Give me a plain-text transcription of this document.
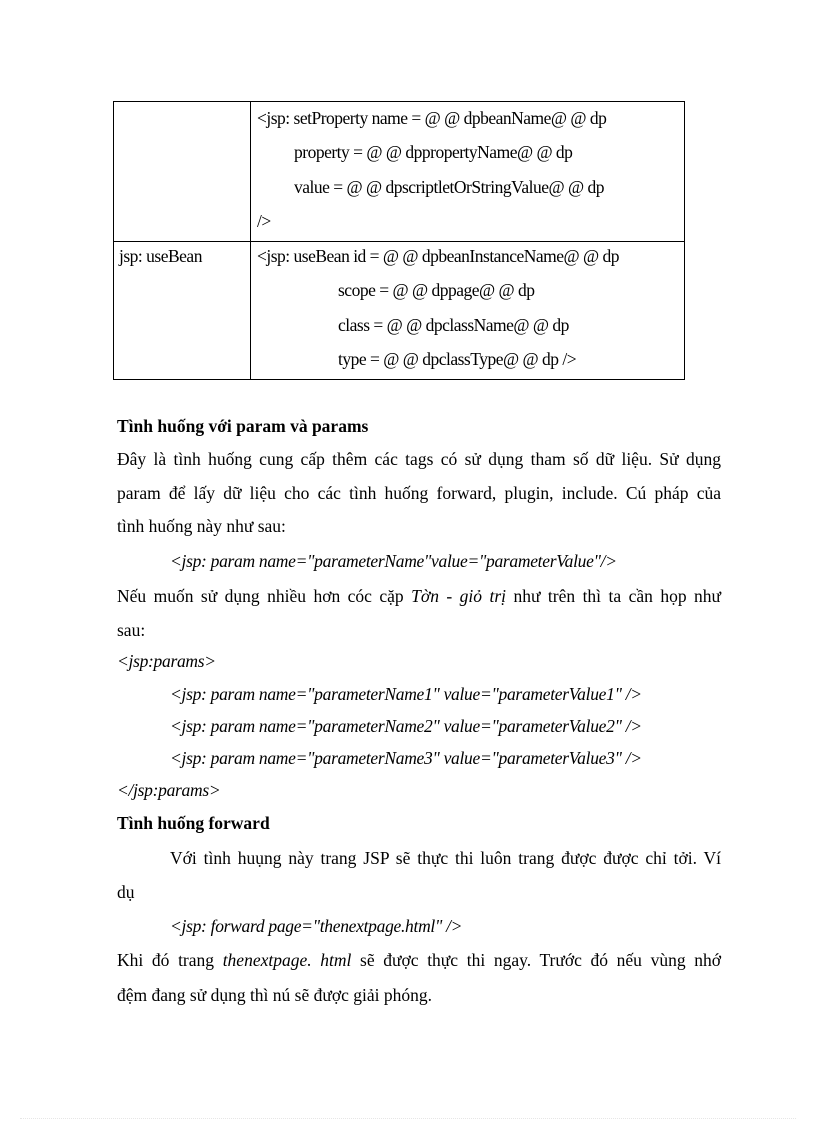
	<jsp: setProperty name = @ @ dpbeanName@ @ dp
property = @ @ dppropertyName@ @ dp
value = @ @ dpscriptletOrStringValue@ @ dp
/>

jsp: useBean	<jsp: useBean id = @ @ dpbeanInstanceName@ @ dp
scope = @ @ dppage@ @ dp
class = @ @ dpclassName@ @ dp
type = @ @ dpclassType@ @ dp />
Tình huống với param và params
Đây là tình huống cung cấp thêm các tags có sử dụng tham số dữ liệu. Sử dụng
param để lấy dữ liệu cho các tình huống forward, plugin, include. Cú pháp của
tình huống này như sau:
<jsp: param name="parameterName"value="parameterValue"/>
Nếu muốn sử dụng nhiều hơn cóc cặp Tờn - giỏ trị như trên thì ta cần họp như
sau:
<jsp:params>
<jsp: param name="parameterName1" value="parameterValue1" />
<jsp: param name="parameterName2" value="parameterValue2" />
<jsp: param name="parameterName3" value="parameterValue3" />
</jsp:params>
Tình huống forward
Với tình huụng này trang JSP sẽ thực thi luôn trang được được chỉ tởi. Ví
dụ
<jsp: forward page="thenextpage.html" />
Khi đó trang thenextpage. html sẽ được thực thi ngay. Trước đó nếu vùng nhớ
đệm đang sử dụng thì nú sẽ được giải phóng.
